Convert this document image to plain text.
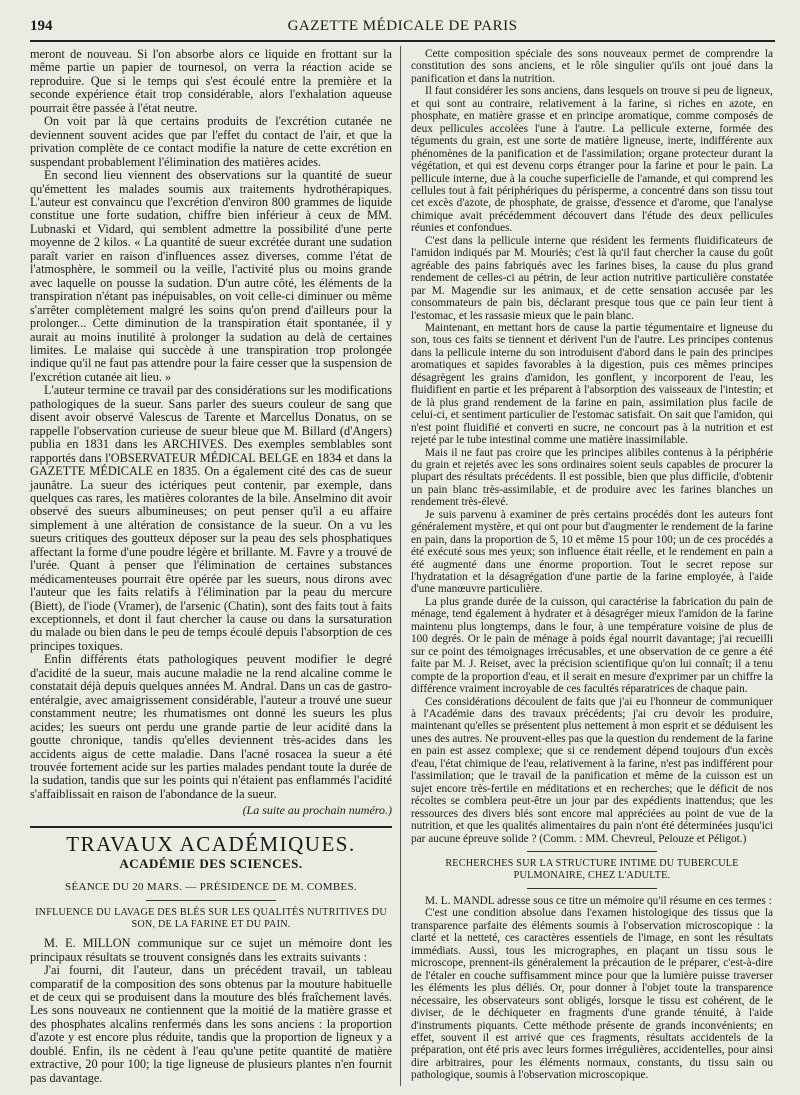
194	GAZETTE MÉDICALE DE PARIS

meront de nouveau. Si l'on absorbe alors ce liquide en frottant sur la même partie un papier de tournesol, on verra la réaction acide se reproduire. Que si le temps qui s'est écoulé entre la première et la seconde expérience était trop considérable, alors l'exhalation aqueuse pourrait être passée à l'état neutre.

On voit par là que certains produits de l'excrétion cutanée ne deviennent souvent acides que par l'effet du contact de l'air, et que la privation complète de ce contact modifie la nature de cette excrétion en suspendant probablement l'élimination des matières acides.

En second lieu viennent des observations sur la quantité de sueur qu'émettent les malades soumis aux traitements hydrothérapiques. L'auteur est convaincu que l'excrétion d'environ 800 grammes de liquide constitue une forte sudation, chiffre bien inférieur à ceux de MM. Lubnaski et Vidard, qui semblent admettre la possibilité d'une perte moyenne de 2 kilos. « La quantité de sueur excrétée durant une sudation paraît varier en raison d'influences assez diverses, comme l'état de l'atmosphère, le sommeil ou la veille, l'activité plus ou moins grande avec laquelle on pousse la sudation. D'un autre côté, les éléments de la transpiration n'étant pas inépuisables, on voit celle-ci diminuer ou même s'arrêter complètement malgré les soins qu'on prend d'ailleurs pour la prolonger... Cette diminution de la transpiration était spontanée, il y aurait au moins inutilité à prolonger la sudation au delà de certaines limites. Le malaise qui succède à une transpiration trop prolongée indique qu'il ne faut pas attendre pour la faire cesser que la suspension de l'excrétion cutanée ait lieu. »

L'auteur termine ce travail par des considérations sur les modifications pathologiques de la sueur. Sans parler des sueurs couleur de sang que disent avoir observé Valescus de Tarente et Marcellus Donatus, on se rappelle l'observation curieuse de sueur bleue que M. Billard (d'Angers) publia en 1831 dans les ARCHIVES. Des exemples semblables sont rapportés dans l'OBSERVATEUR MÉDICAL BELGE en 1834 et dans la GAZETTE MÉDICALE en 1835. On a également cité des cas de sueur jaunâtre. La sueur des ictériques peut contenir, par exemple, dans quelques cas rares, les matières colorantes de la bile. Anselmino dit avoir observé des sueurs albumineuses; on peut penser qu'il a eu affaire simplement à une altération de consistance de la sueur. On a vu les sueurs critiques des goutteux déposer sur la peau des sels phosphatiques affectant la forme d'une poudre légère et brillante. M. Favre y a trouvé de l'urée. Quant à penser que l'élimination de certaines substances médicamenteuses pourrait être opérée par les sueurs, nous dirons avec l'auteur que les faits relatifs à l'élimination par la peau du mercure (Biett), de l'iode (Vramer), de l'arsenic (Chatin), sont des faits tout à faits exceptionnels, et dont il faut chercher la cause ou dans la sursaturation du malade ou bien dans le peu de temps écoulé depuis l'absorption de ces principes toxiques.

Enfin différents états pathologiques peuvent modifier le degré d'acidité de la sueur, mais aucune maladie ne la rend alcaline comme le constatait déjà depuis quelques années M. Andral. Dans un cas de gastro-entéralgie, avec amaigrissement considérable, l'auteur a trouvé une sueur constamment neutre; les rhumatismes ont donné les sueurs les plus acides; les sueurs ont perdu une grande partie de leur acidité dans la goutte chronique, tandis qu'elles deviennent très-acides dans les accidents aigus de cette maladie. Dans l'acné rosacea la sueur a été trouvée fortement acide sur les parties malades pendant toute la durée de la sudation, tandis que sur les points qui n'étaient pas enflammés l'acidité s'affaiblissait en raison de l'abondance de la sueur.

(La suite au prochain numéro.)
TRAVAUX ACADÉMIQUES.
ACADÉMIE DES SCIENCES.
SÉANCE DU 20 MARS. — PRÉSIDENCE DE M. COMBES.
INFLUENCE DU LAVAGE DES BLÉS SUR LES QUALITÉS NUTRITIVES DU SON, DE LA FARINE ET DU PAIN.

M. E. MILLON communique sur ce sujet un mémoire dont les principaux résultats se trouvent consignés dans les extraits suivants :

J'ai fourni, dit l'auteur, dans un précédent travail, un tableau comparatif de la composition des sons obtenus par la mouture habituelle et de ceux qui se produisent dans la mouture des blés fraîchement lavés. Les sons nouveaux ne contiennent que la moitié de la matière grasse et des phosphates alcalins renfermés dans les sons anciens : la proportion d'azote y est encore plus réduite, tandis que la proportion de ligneux y a doublé. Enfin, ils ne cèdent à l'eau qu'une petite quantité de matière extractive, 20 pour 100; la tige ligneuse de plusieurs plantes n'en fournit pas davantage.

Cette composition spéciale des sons nouveaux permet de comprendre la constitution des sons anciens, et le rôle singulier qu'ils ont joué dans la panification et dans la nutrition.

Il faut considérer les sons anciens, dans lesquels on trouve si peu de ligneux, et qui sont au contraire, relativement à la farine, si riches en azote, en phosphate, en matière grasse et en principe aromatique, comme composés de deux pellicules accolées l'une à l'autre. La pellicule externe, formée des téguments du grain, est une sorte de matière ligneuse, inerte, indifférente aux phénomènes de la panification et de l'assimilation; organe protecteur durant la végétation, et qui est devenu corps étranger pour la farine et pour le pain. La pellicule interne, due à la couche superficielle de l'amande, et qui comprend les cellules tout à fait périphériques du périsperme, a concentré dans son tissu tout cet excès d'azote, de phosphate, de graisse, d'essence et d'arome, que l'analyse chimique avait précédemment découvert dans l'étude des deux pellicules réunies et confondues.

C'est dans la pellicule interne que résident les ferments fluidificateurs de l'amidon indiqués par M. Mouriès; c'est là qu'il faut chercher la cause du goût agréable des pains fabriqués avec les farines bises, la cause du plus grand rendement de celles-ci au pétrin, de leur action nutritive particulière constatée par M. Magendie sur les animaux, et de cette sensation accusée par les consommateurs de pain bis, déclarant presque tous que ce pain leur tient à l'estomac, et les rassasie mieux que le pain blanc.

Maintenant, en mettant hors de cause la partie tégumentaire et ligneuse du son, tous ces faits se tiennent et dérivent l'un de l'autre. Les principes contenus dans la pellicule interne du son introduisent d'abord dans le pain des principes aromatiques et sapides favorables à la digestion, puis ces mêmes principes désagrègent les grains d'amidon, les gonflent, y incorporent de l'eau, les fluidifient en partie et les préparent à l'absorption des vaisseaux de l'intestin; et de là plus grand rendement de la farine en pain, assimilation plus facile de celui-ci, et sentiment particulier de l'estomac satisfait. On sait que l'amidon, qui n'est point fluidifié et converti en sucre, ne concourt pas à la nutrition et est rejeté par le tube intestinal comme une matière inassimilable.

Mais il ne faut pas croire que les principes alibiles contenus à la périphérie du grain et rejetés avec les sons ordinaires soient seuls capables de procurer la plupart des résultats précédents. Il est possible, bien que plus difficile, d'obtenir un pain blanc très-assimilable, et de produire avec les farines blanches un rendement très-élevé.

Je suis parvenu à examiner de près certains procédés dont les auteurs font généralement mystère, et qui ont pour but d'augmenter le rendement de la farine en pain, dans la proportion de 5, 10 et même 15 pour 100; un de ces procédés a été exécuté sous mes yeux; son influence était réelle, et le rendement en pain a été augmenté dans une énorme proportion. Tout le secret repose sur l'hydratation et la désagrégation d'une partie de la farine employée, à l'aide d'une manœuvre particulière.

La plus grande durée de la cuisson, qui caractérise la fabrication du pain de ménage, tend également à hydrater et à désagréger mieux l'amidon de la farine maintenu plus longtemps, dans le four, à une température voisine de plus de 100 degrés. Or le pain de ménage à poids égal nourrit davantage; j'ai recueilli sur ce point des témoignages irrécusables, et une observation de ce genre a été faite par M. J. Reiset, avec la précision scientifique qu'on lui connaît; il a tenu compte de la proportion d'eau, et il serait en mesure d'exprimer par un chiffre la différence vraiment incroyable de ces facultés réparatrices de chaque pain.

Ces considérations découlent de faits que j'ai eu l'honneur de communiquer à l'Académie dans des travaux précédents; j'ai cru devoir les produire, maintenant qu'elles se présentent plus nettement à mon esprit et se déduisent les unes des autres. Ne prouvent-elles pas que la question du rendement de la farine en pain est assez complexe; que si ce rendement dépend toujours d'un excès d'eau, l'état chimique de l'eau, relativement à la farine, n'est pas indifférent pour l'assimilation; que le travail de la panification et même de la cuisson est un sujet encore très-fertile en méditations et en recherches; que le déficit de nos récoltes se comblera peut-être un jour par des expédients inattendus; que les ressources des divers blés sont encore mal appréciées au point de vue de la nutrition, et que les qualités alimentaires du pain n'ont été déterminées jusqu'ici par aucune épreuve solide ? (Comm. : MM. Chevreul, Pelouze et Péligot.)

RECHERCHES SUR LA STRUCTURE INTIME DU TUBERCULE PULMONAIRE, CHEZ L'ADULTE.

M. L. MANDL adresse sous ce titre un mémoire qu'il résume en ces termes :

C'est une condition absolue dans l'examen histologique des tissus que la transparence parfaite des éléments soumis à l'observation microscopique : la clarté et la netteté, ces caractères essentiels de l'image, en sont les résultats immédiats. Aussi, tous les micrographes, en plaçant un tissu sous le microscope, prennent-ils généralement la précaution de le préparer, c'est-à-dire de l'étaler en couche suffisamment mince pour que la lumière puisse traverser les éléments les plus déliés. Or, pour donner à l'objet toute la transparence nécessaire, les observateurs sont obligés, lorsque le tissu est cohérent, de le diviser, de le déchiqueter en fragments d'une grande ténuité, à l'aide d'instruments piquants. Cette méthode présente de grands inconvénients; en effet, souvent il est arrivé que ces fragments, résultats accidentels de la préparation, ont été pris avec leurs formes irrégulières, accidentelles, pour ainsi dire arbitraires, pour les éléments normaux, constants, du tissu sain ou pathologique, soumis à l'observation microscopique.
